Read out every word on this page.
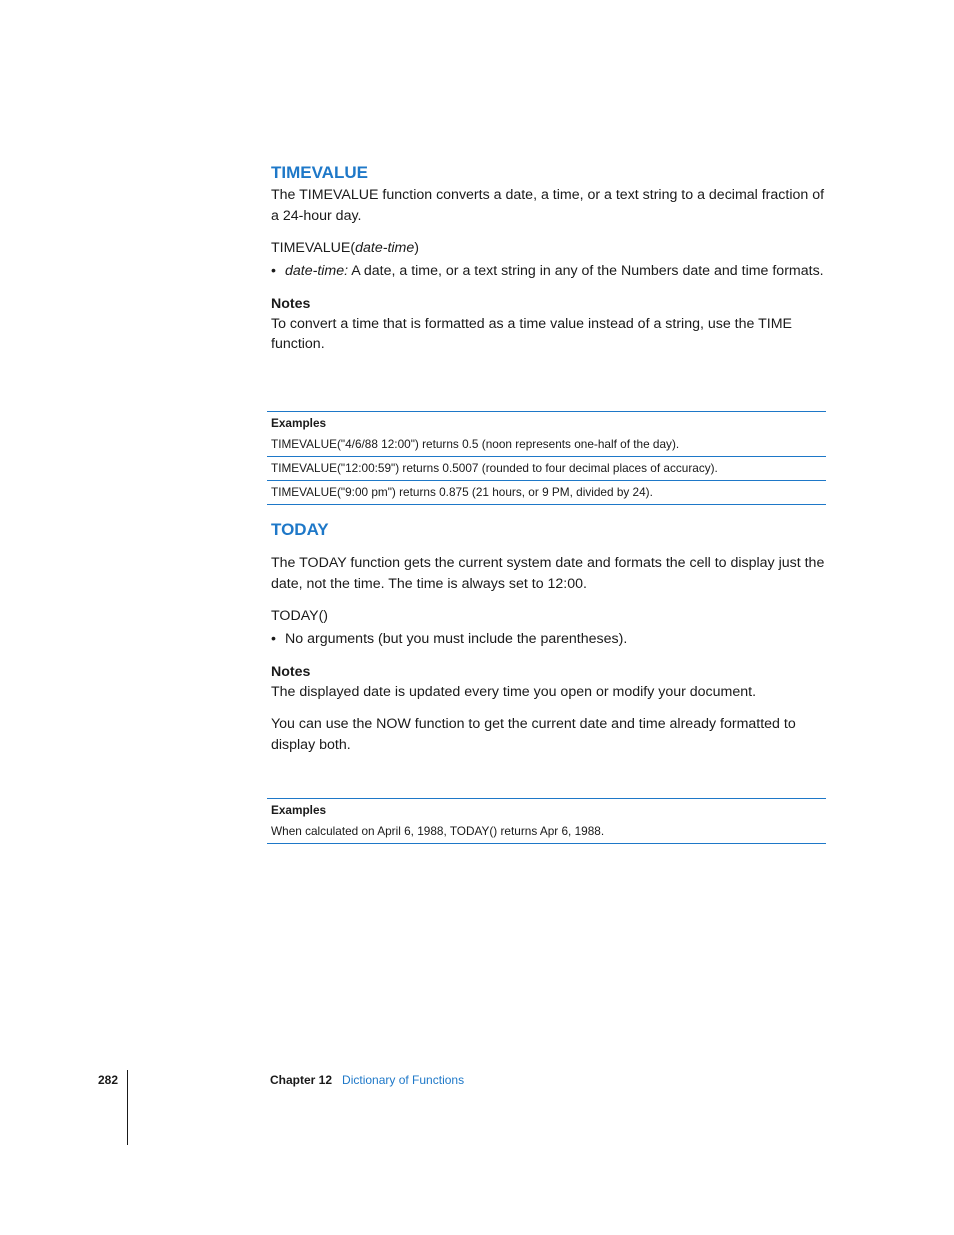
TIMEVALUE

The TIMEVALUE function converts a date, a time, or a text string to a decimal fraction of a 24-hour day.

TIMEVALUE(date-time)

• date-time: A date, a time, or a text string in any of the Numbers date and time formats.

Notes

To convert a time that is formatted as a time value instead of a string, use the TIME function.

Examples
TIMEVALUE("4/6/88 12:00") returns 0.5 (noon represents one-half of the day).
TIMEVALUE("12:00:59") returns 0.5007 (rounded to four decimal places of accuracy).
TIMEVALUE("9:00 pm") returns 0.875 (21 hours, or 9 PM, divided by 24).
TODAY

The TODAY function gets the current system date and formats the cell to display just the date, not the time. The time is always set to 12:00.

TODAY()

• No arguments (but you must include the parentheses).

Notes

The displayed date is updated every time you open or modify your document.

You can use the NOW function to get the current date and time already formatted to display both.

Examples
When calculated on April 6, 1988, TODAY() returns Apr 6, 1988.
282	Chapter 12 Dictionary of Functions
